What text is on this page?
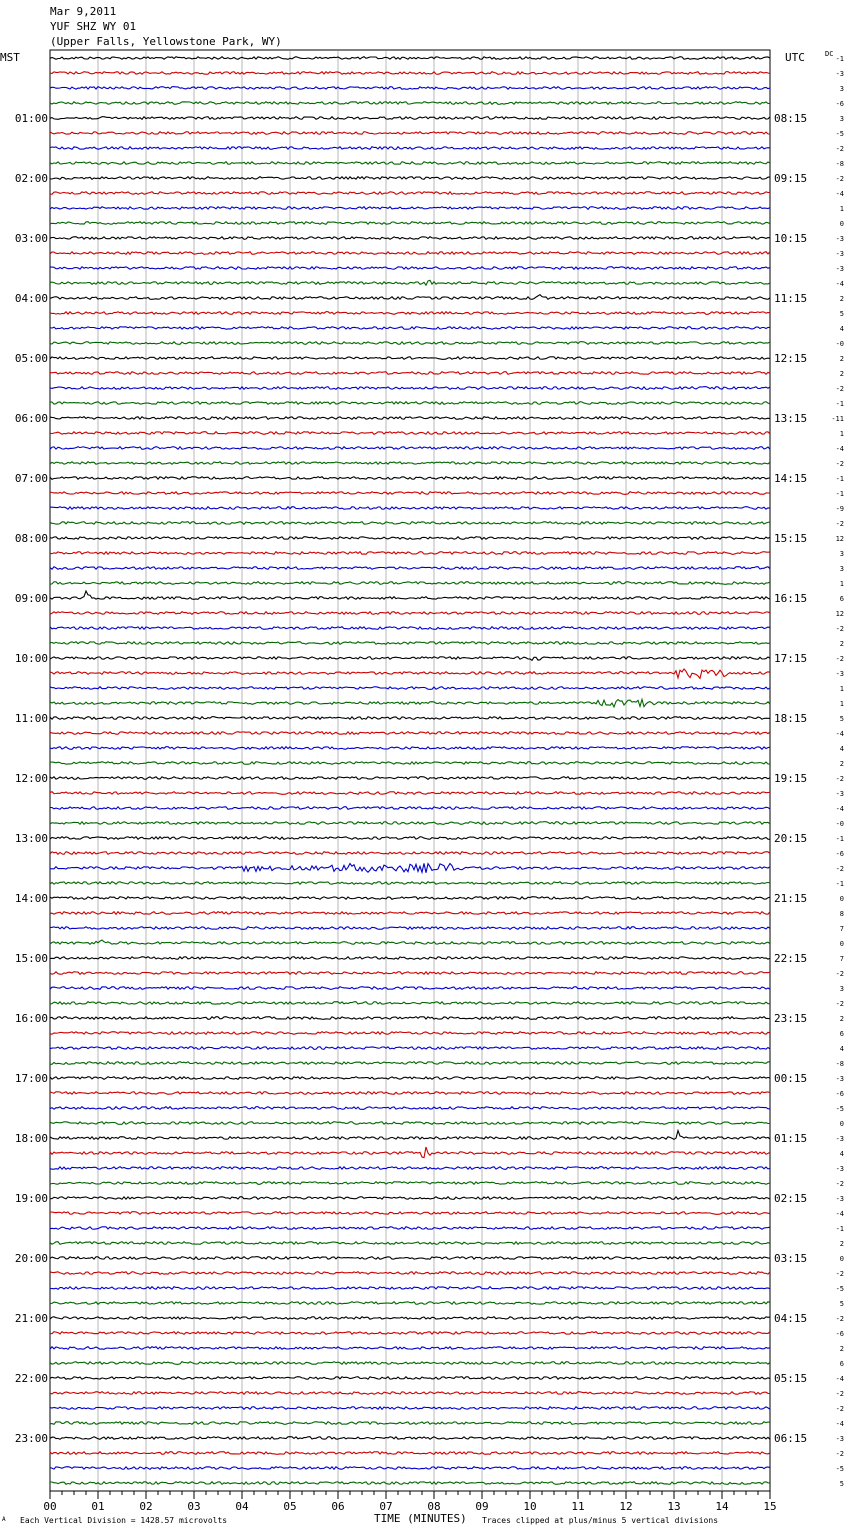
Mar 9,2011
YUF SHZ WY 01
(Upper Falls, Yellowstone Park, WY)
MST	UTC	DC
01:00
02:00
03:00
04:00
05:00
06:00
07:00
08:00
09:00
10:00
11:00
12:00
13:00
14:00
15:00
16:00
17:00
18:00
19:00
20:00
21:00
22:00
23:00
08:15
09:15
10:15
11:15
12:15
13:15
14:15
15:15
16:15
17:15
18:15
19:15
20:15
21:15
22:15
23:15
00:15
01:15
02:15
03:15
04:15
05:15
06:15
-1
-3
3
-6
3
-5
-2
-8
-2
-4
1
0
-3
-3
-3
-4
2
5
4
-0
2
2
-2
-1
-11
1
-4
-2
-1
-1
-9
-2
12
3
3
1
6
12
-2
2
-2
-3
1
1
5
-4
4
2
-2
-3
-4
-0
-1
-6
-2
-1
0
8
7
0
7
-2
3
-2
2
6
4
-8
-3
-6
-5
0
-3
4
-3
-2
-3
-4
-1
2
0
-2
-5
5
-2
-6
2
6
-4
-2
-2
-4
-3
-2
-5
5
00	01	02	03	04	05	06	07	08	09	10	11	12	13	14	15
A Each Vertical Division = 1428.57 microvolts	TIME (MINUTES) Traces clipped at plus/minus 5 vertical divisions
